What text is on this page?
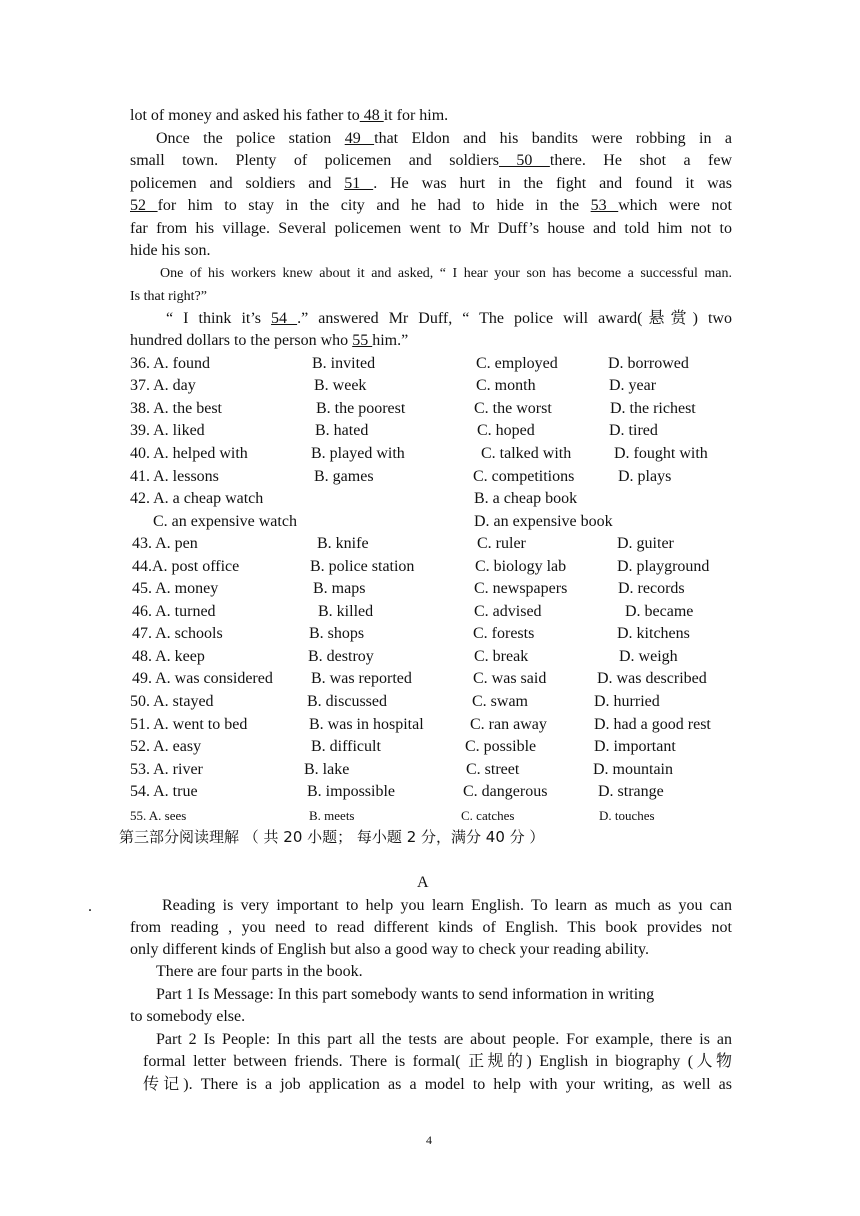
lot of money and asked his father to 48 it for him.
Once the police station 49 that Eldon and his bandits were robbing in a
small town. Plenty of policemen and soldiers 50 there. He shot a few
policemen and soldiers and 51 . He was hurt in the fight and found it was
52 for him to stay in the city and he had to hide in the 53 which were not
far from his village. Several policemen went to Mr Duff’s house and told him not to
hide his son.
One of his workers knew about it and asked, “ I hear your son has become a successful man.
Is that right?”
“ I think it’s 54 .” answered Mr Duff, “ The police will award(悬赏) two
hundred dollars to the person who 55 him.”
36. A. found	B. invited	C. employed	D. borrowed
37. A. day	B. week	C. month	D. year
38. A. the best	B. the poorest	C. the worst	D. the richest
39. A. liked	B. hated	C. hoped	D. tired
40. A. helped with	B. played with	C. talked with	D. fought with
41. A. lessons	B. games	C. competitions	D. plays
42. A. a cheap watch	B. a cheap book
C. an expensive watch	D. an expensive book
43. A. pen	B. knife	C. ruler	D. guiter
44.A. post office	B. police station	C. biology lab	D. playground
45. A. money	B. maps	C. newspapers	D. records
46. A. turned	B. killed	C. advised	D. became
47. A. schools	B. shops	C. forests	D. kitchens
48. A. keep	B. destroy	C. break	D. weigh
49. A. was considered B. was reported	C. was said	D. was described
50. A. stayed	B. discussed	C. swam	D. hurried
51. A. went to bed	B. was in hospital	C. ran away	D. had a good rest
52. A. easy	B. difficult	C. possible	D. important
53. A. river	B. lake	C. street	D. mountain
54. A. true	B. impossible	C. dangerous	D. strange
55. A. sees	B. meets	C. catches	D. touches
第三部分阅读理解 （ 共 20 小题； 每小题 2 分，满分 40 分 ）
A
.	Reading is very important to help you learn English. To learn as much as you can
from reading , you need to read different kinds of English. This book provides not
only different kinds of English but also a good way to check your reading ability.
There are four parts in the book.
Part 1 Is Message: In this part somebody wants to send information in writing
to somebody else.
Part 2 Is People: In this part all the tests are about people. For example, there is an
formal letter between friends. There is formal( 正规的) English in biography (人物
传记). There is a job application as a model to help with your writing, as well as
4
